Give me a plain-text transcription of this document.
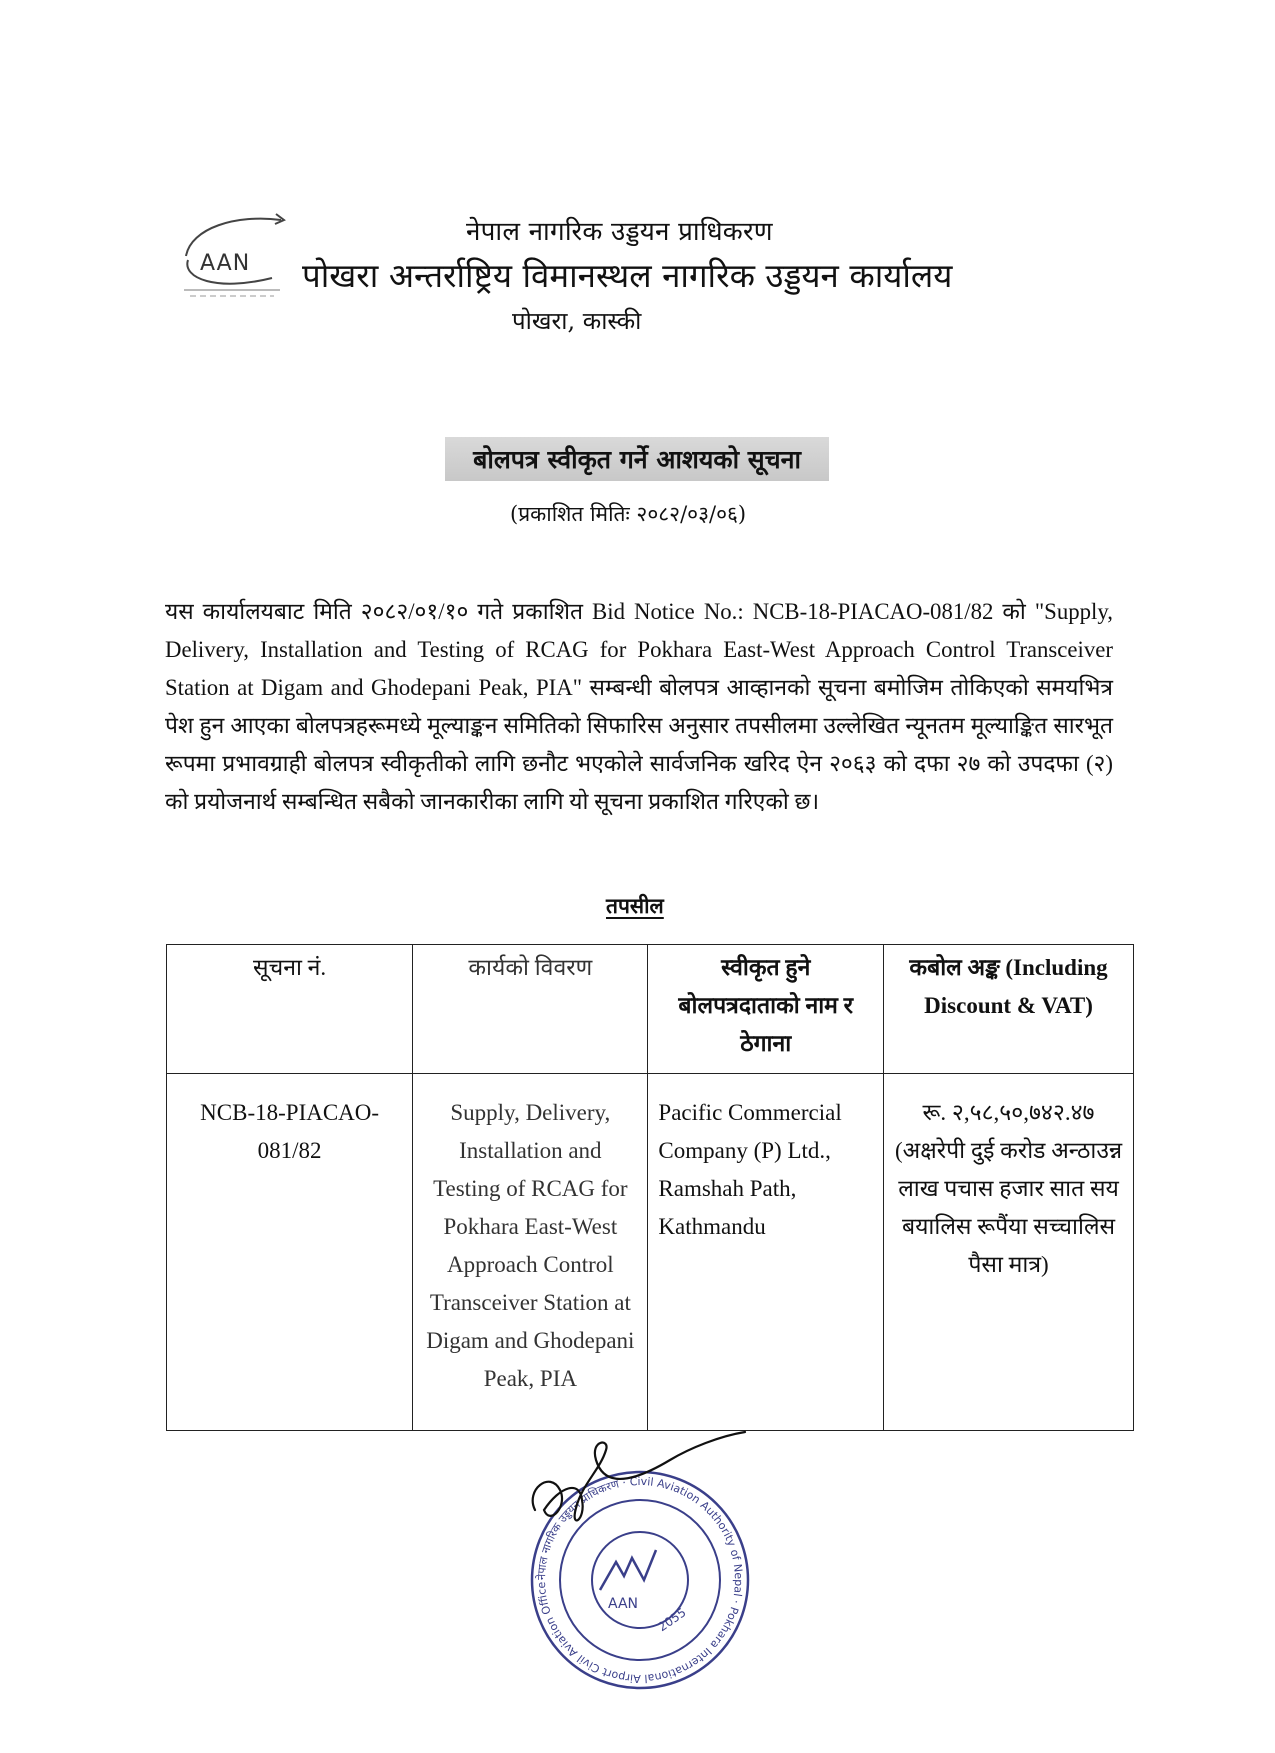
AAN
नेपाल नागरिक उड्डयन प्राधिकरण
पोखरा अन्तर्राष्ट्रिय विमानस्थल नागरिक उड्डयन कार्यालय
पोखरा, कास्की
बोलपत्र स्वीकृत गर्ने आशयको सूचना
(प्रकाशित मितिः २०८२/०३/०६)
यस कार्यालयबाट मिति २०८२/०१/१० गते प्रकाशित Bid Notice No.: NCB-18-PIACAO-081/82 को "Supply, Delivery, Installation and Testing of RCAG for Pokhara East-West Approach Control Transceiver Station at Digam and Ghodepani Peak, PIA" सम्बन्धी बोलपत्र आव्हानको सूचना बमोजिम तोकिएको समयभित्र पेश हुन आएका बोलपत्रहरूमध्ये मूल्याङ्कन समितिको सिफारिस अनुसार तपसीलमा उल्लेखित न्यूनतम मूल्याङ्कित सारभूत रूपमा प्रभावग्राही बोलपत्र स्वीकृतीको लागि छनौट भएकोले सार्वजनिक खरिद ऐन २०६३ को दफा २७ को उपदफा (२) को प्रयोजनार्थ सम्बन्धित सबैको जानकारीका लागि यो सूचना प्रकाशित गरिएको छ।
तपसील
सूचना नं.	कार्यको विवरण	स्वीकृत हुने बोलपत्रदाताको नाम र ठेगाना	कबोल अङ्क (Including Discount & VAT)
NCB-18-PIACAO-081/82	Supply, Delivery, Installation and Testing of RCAG for Pokhara East-West Approach Control Transceiver Station at Digam and Ghodepani Peak, PIA	Pacific Commercial Company (P) Ltd., Ramshah Path, Kathmandu	रू. २,५८,५०,७४२.४७ (अक्षरेपी दुई करोड अन्ठाउन्न लाख पचास हजार सात सय बयालिस रूपैंया सच्चालिस पैसा मात्र)
नेपाल नागरिक उड्डयन प्राधिकरण · Civil Aviation Authority of Nepal · Pokhara International Airport Civil Aviation Office
AAN
2055
